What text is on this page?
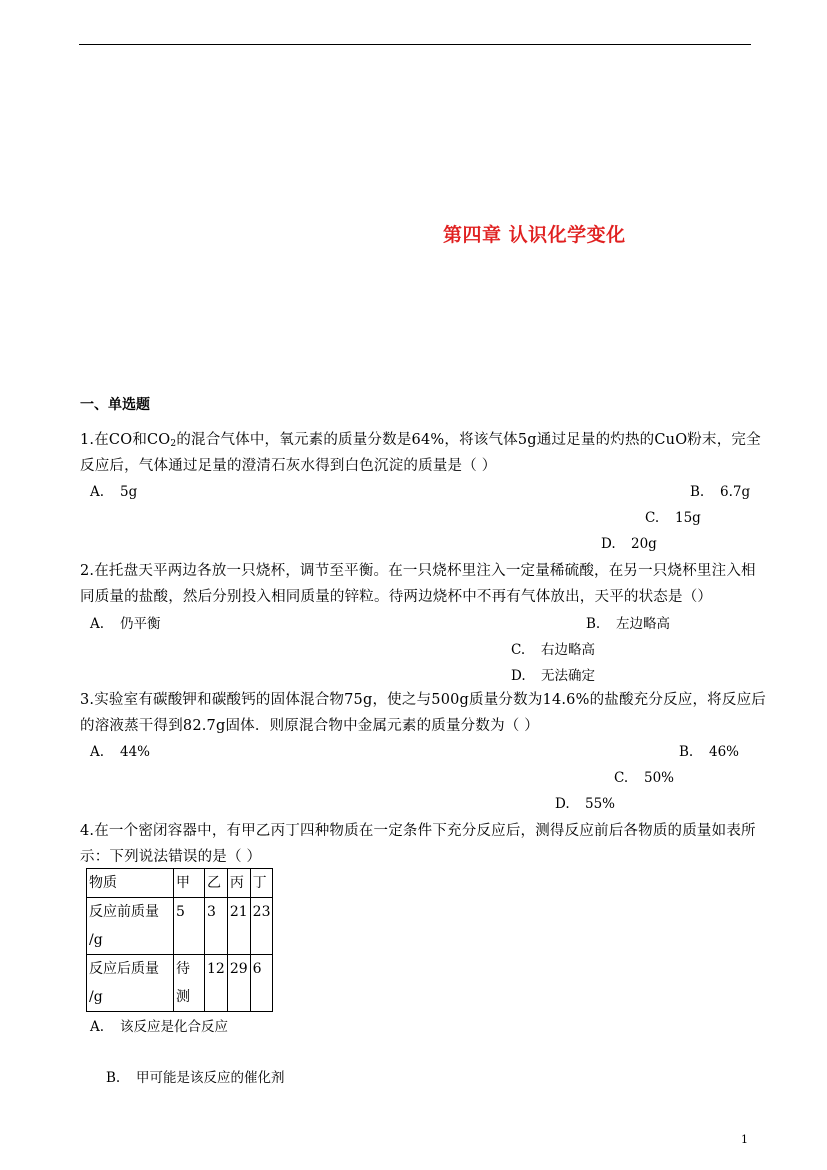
第四章 认识化学变化
一、单选题
1.在CO和$CO_2$的混合气体中，氧元素的质量分数是64%，将该气体5g通过足量的灼热的CuO粉末，完全
反应后，气体通过足量的澄清石灰水得到白色沉淀的质量是（ ）
A. 5g	B. 6.7g
C. 15g
D. 20g
2.在托盘天平两边各放一只烧杯，调节至平衡。在一只烧杯里注入一定量稀硫酸，在另一只烧杯里注入相
同质量的盐酸，然后分别投入相同质量的锌粒。待两边烧杯中不再有气体放出，天平的状态是（）
A. 仍平衡	B. 左边略高
C. 右边略高
D. 无法确定
3.实验室有碳酸钾和碳酸钙的固体混合物75g，使之与500g质量分数为14.6%的盐酸充分反应，将反应后
的溶液蒸干得到82.7g固体．则原混合物中金属元素的质量分数为（ ）
A. 44%	B. 46%
C. 50%
D. 55%
4.在一个密闭容器中，有甲乙丙丁四种物质在一定条件下充分反应后，测得反应前后各物质的质量如表所
示：下列说法错误的是（ ）
物质	甲	乙	丙	丁

反应前质量
/g	5	3	21	23

反应后质量
/g	待测	12	29	6
A. 该反应是化合反应
B. 甲可能是该反应的催化剂
1
